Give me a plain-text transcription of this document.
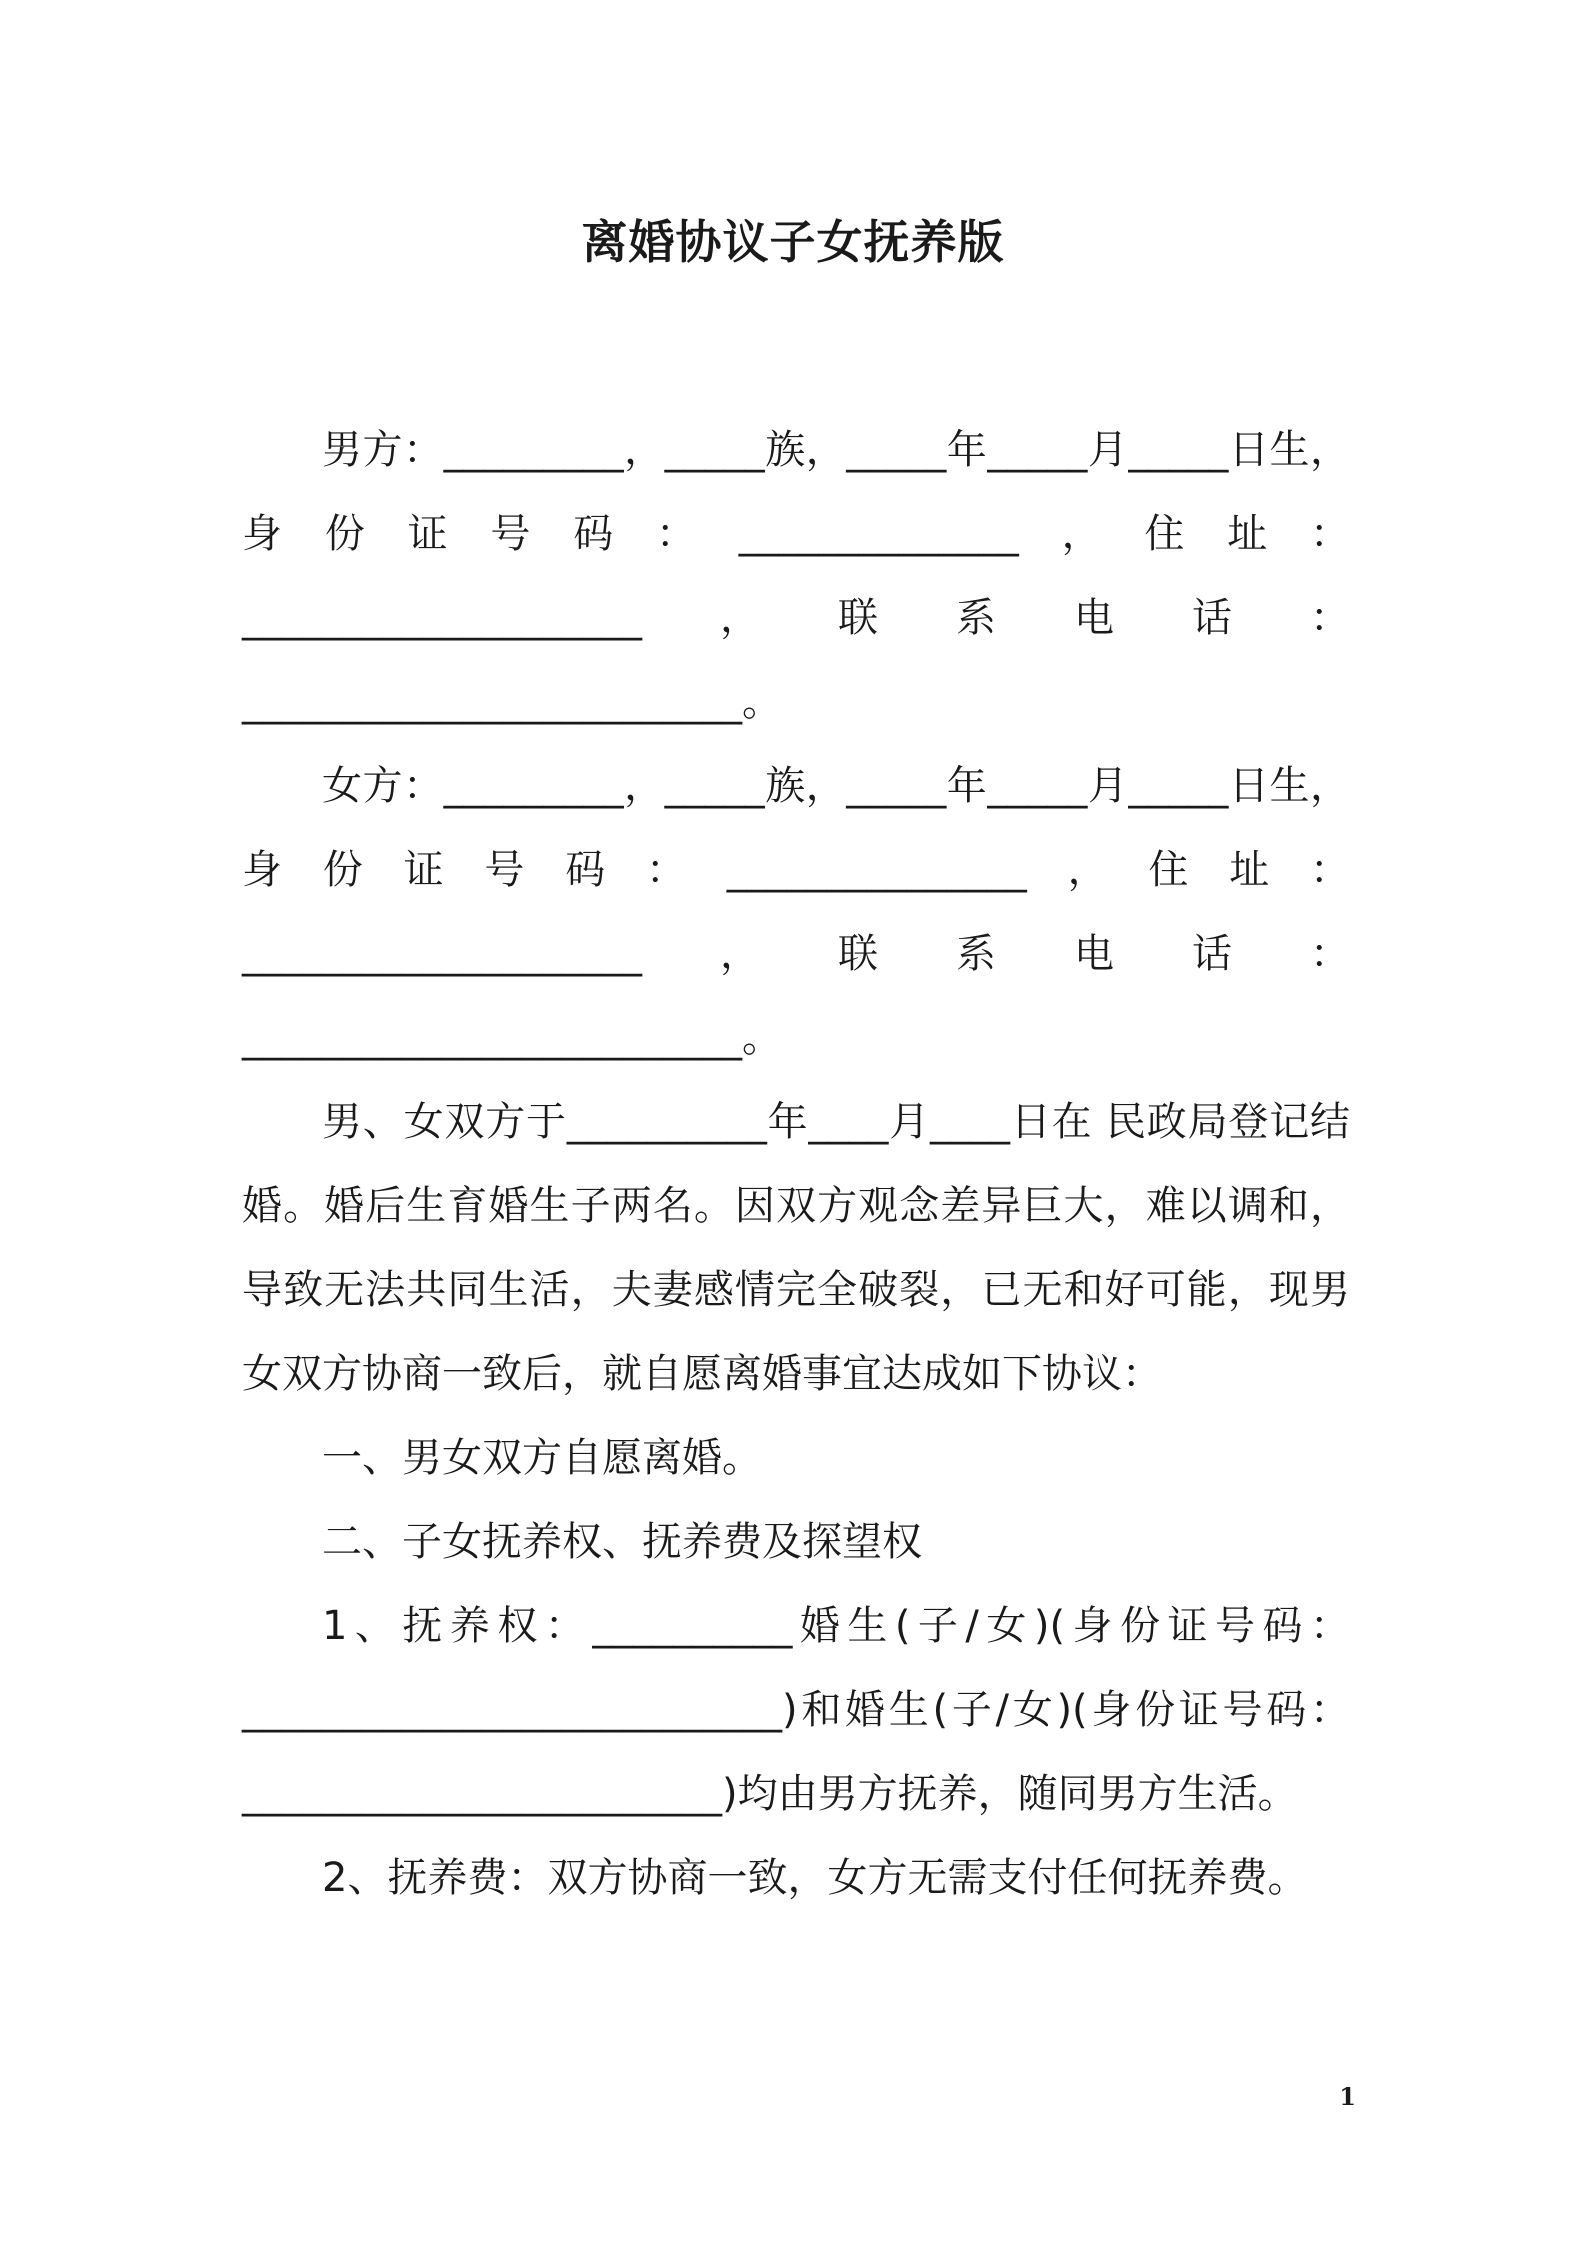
离婚协议子女抚养版

男方：_________，_____族，_____年_____月_____日生，身份证号码：______________，住址：____________________，联系电话：_________________________。

女方：_________，_____族，_____年_____月_____日生，身份证号码：_______________，住址：____________________，联系电话：_________________________。

男、女双方于__________年____月____日在 民政局登记结婚。婚后生育婚生子两名。因双方观念差异巨大，难以调和，导致无法共同生活，夫妻感情完全破裂，已无和好可能，现男女双方协商一致后，就自愿离婚事宜达成如下协议：

一、男女双方自愿离婚。

二、子女抚养权、抚养费及探望权

1、抚养权：__________婚生(子/女)(身份证号码：___________________________)和婚生(子/女)(身份证号码：________________________)均由男方抚养，随同男方生活。

2、抚养费：双方协商一致，女方无需支付任何抚养费。

1
